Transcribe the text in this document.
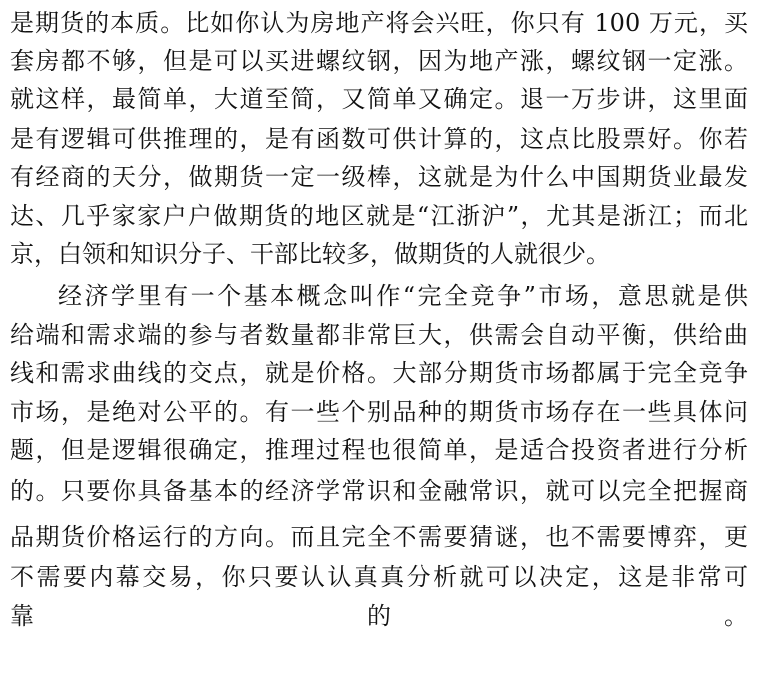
是期货的本质。比如你认为房地产将会兴旺，你只有 100 万元，买
套房都不够，但是可以买进螺纹钢，因为地产涨，螺纹钢一定涨。
就这样，最简单，大道至简，又简单又确定。退一万步讲，这里面
是有逻辑可供推理的，是有函数可供计算的，这点比股票好。你若
有经商的天分，做期货一定一级棒，这就是为什么中国期货业最发
达、几乎家家户户做期货的地区就是“江浙沪”，尤其是浙江；而北
京，白领和知识分子、干部比较多，做期货的人就很少。
经济学里有一个基本概念叫作“完全竞争”市场，意思就是供
给端和需求端的参与者数量都非常巨大，供需会自动平衡，供给曲
线和需求曲线的交点，就是价格。大部分期货市场都属于完全竞争
市场，是绝对公平的。有一些个别品种的期货市场存在一些具体问
题，但是逻辑很确定，推理过程也很简单，是适合投资者进行分析
的。只要你具备基本的经济学常识和金融常识，就可以完全把握商
品期货价格运行的方向。而且完全不需要猜谜，也不需要博弈，更
不需要内幕交易，你只要认认真真分析就可以决定，这是非常可
靠的。
